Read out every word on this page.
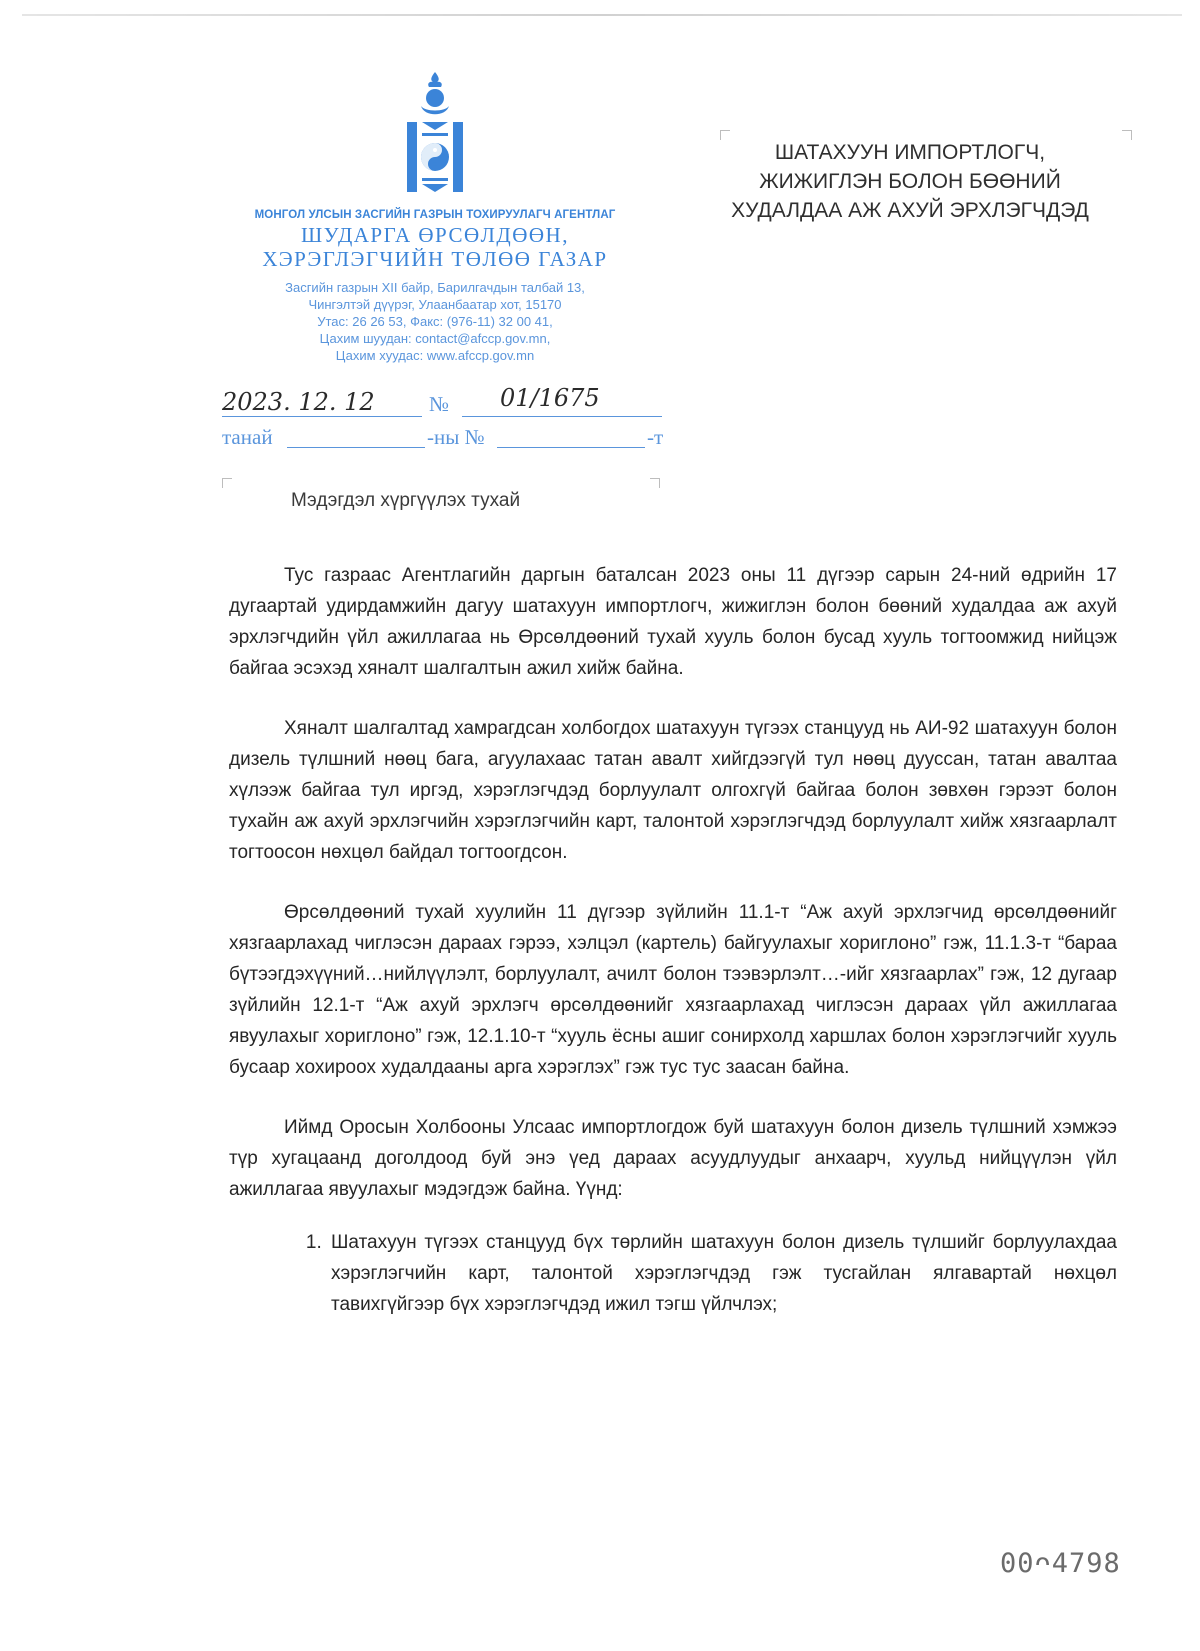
МОНГОЛ УЛСЫН ЗАСГИЙН ГАЗРЫН ТОХИРУУЛАГЧ АГЕНТЛАГ
ШУДАРГА ӨРСӨЛДӨӨН,
ХЭРЭГЛЭГЧИЙН ТӨЛӨӨ ГАЗАР
Засгийн газрын XII байр, Барилгачдын талбай 13,
Чингэлтэй дүүрэг, Улаанбаатар хот, 15170
Утас: 26 26 53, Факс: (976-11) 32 00 41,
Цахим шуудан: contact@afccp.gov.mn,
Цахим хуудас: www.afccp.gov.mn
2023. 12. 12	№ 01/1675
танай	-ны №	-т
ШАТАХУУН ИМПОРТЛОГЧ,
ЖИЖИГЛЭН БОЛОН БӨӨНИЙ
ХУДАЛДАА АЖ АХУЙ ЭРХЛЭГЧДЭД
Мэдэгдэл хүргүүлэх тухай

Тус газраас Агентлагийн даргын баталсан 2023 оны 11 дүгээр сарын 24-ний өдрийн 17 дугаартай удирдамжийн дагуу шатахуун импортлогч, жижиглэн болон бөөний худалдаа аж ахуй эрхлэгчдийн үйл ажиллагаа нь Өрсөлдөөний тухай хууль болон бусад хууль тогтоомжид нийцэж байгаа эсэхэд хяналт шалгалтын ажил хийж байна.

Хяналт шалгалтад хамрагдсан холбогдох шатахуун түгээх станцууд нь АИ-92 шатахуун болон дизель түлшний нөөц бага, агуулахаас татан авалт хийгдээгүй тул нөөц дууссан, татан авалтаа хүлээж байгаа тул иргэд, хэрэглэгчдэд борлуулалт олгохгүй байгаа болон зөвхөн гэрээт болон тухайн аж ахуй эрхлэгчийн хэрэглэгчийн карт, талонтой хэрэглэгчдэд борлуулалт хийж хязгаарлалт тогтоосон нөхцөл байдал тогтоогдсон.

Өрсөлдөөний тухай хуулийн 11 дүгээр зүйлийн 11.1-т “Аж ахуй эрхлэгчид өрсөлдөөнийг хязгаарлахад чиглэсэн дараах гэрээ, хэлцэл (картель) байгуулахыг хориглоно” гэж, 11.1.3-т “бараа бүтээгдэхүүний…нийлүүлэлт, борлуулалт, ачилт болон тээвэрлэлт…-ийг хязгаарлах” гэж, 12 дугаар зүйлийн 12.1-т “Аж ахуй эрхлэгч өрсөлдөөнийг хязгаарлахад чиглэсэн дараах үйл ажиллагаа явуулахыг хориглоно” гэж, 12.1.10-т “хууль ёсны ашиг сонирхолд харшлах болон хэрэглэгчийг хууль бусаар хохироох худалдааны арга хэрэглэх” гэж тус тус заасан байна.

Иймд Оросын Холбооны Улсаас импортлогдож буй шатахуун болон дизель түлшний хэмжээ түр хугацаанд доголдоод буй энэ үед дараах асуудлуудыг анхаарч, хуульд нийцүүлэн үйл ажиллагаа явуулахыг мэдэгдэж байна. Үүнд:

1. Шатахуун түгээх станцууд бүх төрлийн шатахуун болон дизель түлшийг борлуулахдаа хэрэглэгчийн карт, талонтой хэрэглэгчдэд гэж тусгайлан ялгавартай нөхцөл тавихгүйгээр бүх хэрэглэгчдэд ижил тэгш үйлчлэх;
00ᴖ4798
